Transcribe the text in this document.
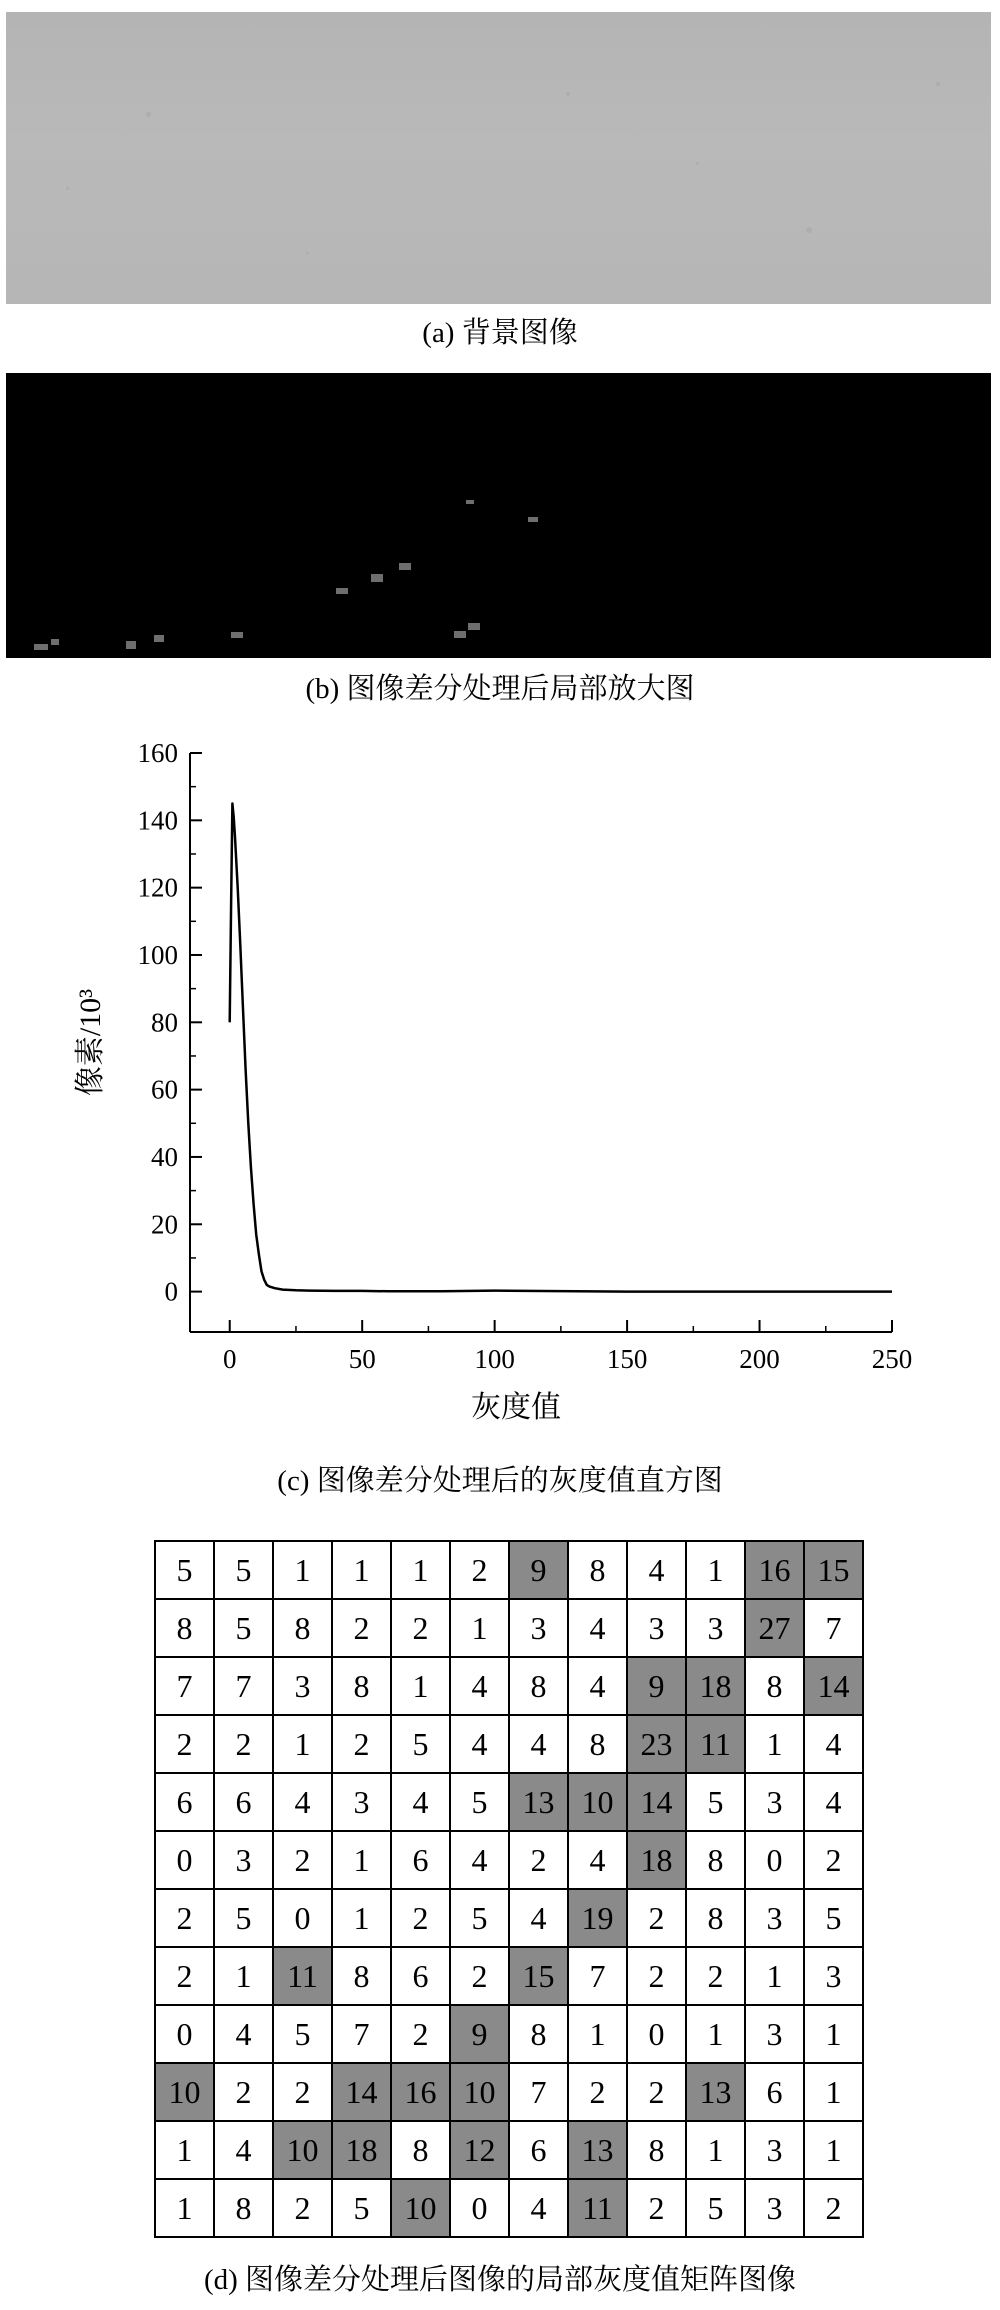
(a) 背景图像
(b) 图像差分处理后局部放大图
0
20
40
60
80
100
120
140
160
0	50	100	150	200	250
灰度值
像素/10³
(c) 图像差分处理后的灰度值直方图
5	5	1	1	1	2	9	8	4	1	16	15
8	5	8	2	2	1	3	4	3	3	27	7
7	7	3	8	1	4	8	4	9	18	8	14
2	2	1	2	5	4	4	8	23	11	1	4
6	6	4	3	4	5	13	10	14	5	3	4
0	3	2	1	6	4	2	4	18	8	0	2
2	5	0	1	2	5	4	19	2	8	3	5
2	1	11	8	6	2	15	7	2	2	1	3
0	4	5	7	2	9	8	1	0	1	3	1
10	2	2	14	16	10	7	2	2	13	6	1
1	4	10	18	8	12	6	13	8	1	3	1
1	8	2	5	10	0	4	11	2	5	3	2
(d) 图像差分处理后图像的局部灰度值矩阵图像
